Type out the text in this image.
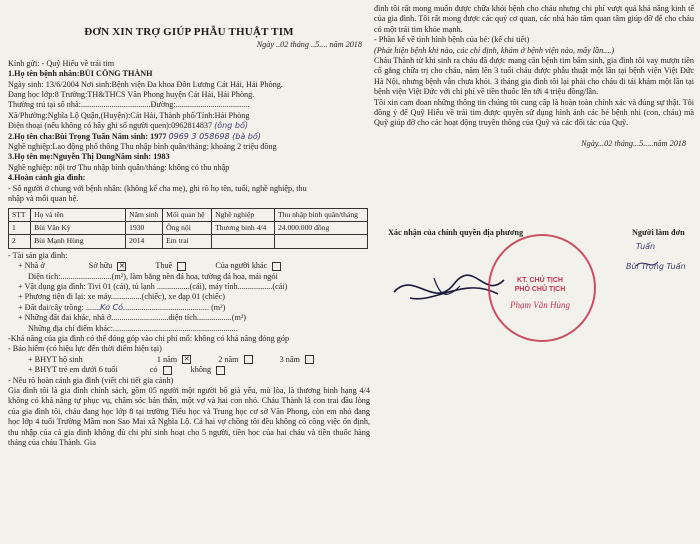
ĐƠN XIN TRỢ GIÚP PHẪU THUẬT TIM
Ngày ..02 tháng ..5.... năm 2018
Kính gửi: - Quỹ Hiểu về trái tim
1.Họ tên bệnh nhân:BÙI CÔNG THÀNH
Ngày sinh: 13/6/2004 Nơi sinh:Bệnh viện Đa khoa Đôn Lương Cát Hải, Hải Phòng.
Đang học lớp:8 Trường:TH&THCS Văn Phong huyện Cát Hải, Hải Phòng.
Thường trú tại số nhà:..................................Đường:....................................
Xã/Phường:Nghĩa Lộ Quận,(Huyện):Cát Hải, Thành phố/Tỉnh:Hải Phòng
Điện thoại (nếu không có hãy ghi số người quen):0962814837 (ông bố)
2.Họ tên cha:Bùi Trọng Tuấn Năm sinh: 1977 0969 3 058698 (bà bố)
Nghề nghiệp:Lao động phổ thông Thu nhập bình quân/tháng: khoảng 2 triệu đồng
3.Họ tên mẹ:Nguyễn Thị DungNăm sinh: 1983
Nghề nghiệp: nội trợ Thu nhập bình quân/tháng: không có thu nhập
4.Hoàn cảnh gia đình:
- Số người ở chung với bệnh nhân: (không kể cha mẹ), ghi rõ họ tên, tuổi, nghề nghiệp, thu
nhập và mối quan hệ.
STT	Họ và tên	Năm sinh	Mối quan hệ	Nghề nghiệp	Thu nhập bình quân/tháng
1	Bùi Văn Kỳ	1930	Ông nội	Thương binh 4/4	24.000.000 đồng
2	Bùi Mạnh Hùng	2014	Em trai		
- Tài sản gia đình:
+ Nhà ở	Sở hữu ✕	Thuê	Của người khác
Diện tích:.........................(m²), làm bằng nền đá hoa, tường đá hoa, mái ngói
+ Vật dụng gia đình: Tivi 01 (cái), tủ lạnh ................(cái), máy tính.................(cái)
+ Phương tiện đi lại: xe máy...............(chiếc), xe đạp 01 (chiếc)
+ Đất đai/cây trồng: .......Ko Có.......................................... (m²)
+ Những đất đai khác, nhà ở............................diện tích.................(m²)
Những địa chỉ điểm khác:.............................................................
-Khả năng của gia đình có thể đóng góp vào chi phí mổ: không có khả năng đóng góp
- Bảo hiểm (có hiệu lực đến thời điểm hiện tại)
+ BHYT hộ sinh	1 năm ✕	2 năm	3 năm
+ BHYT trẻ em dưới 6 tuổi	có	không
- Nêu rõ hoàn cảnh gia đình (viết chi tiết gia cảnh)
Gia đình tôi là gia đình chính sách, gồm 05 người một người bố già yếu, mù lòa, là thương binh hạng 4/4 không có khả năng tự phục vụ, chăm sóc bản thân, một vợ và hai con nhỏ. Cháu Thành là con trai đầu lòng của gia đình tôi, cháu đang học lớp 8 tại trường Tiểu học và Trung học cơ sở Văn Phong, còn em nhỏ đang học lớp 4 tuổi Trường Mầm non Sao Mai xã Nghĩa Lộ. Cả hai vợ chồng tôi đều không có công việc ổn định, thu nhập của cả gia đình không đủ chi phí sinh hoạt cho 5 người, tiền học của hai cháu và tiền thuốc hàng tháng của cháu Thành. Gia
đình tôi rất mong muốn được chữa khỏi bệnh cho cháu nhưng chi phí vượt quá khả năng kinh tế của gia đình. Tôi rất mong được các quý cơ quan, các nhà hảo tâm quan tâm giúp đỡ để cho cháu có một trái tim khỏe mạnh.
- Phần kể về tình hình bệnh của bé: (kể chi tiết)
(Phát hiện bệnh khi nào, các chỉ định, khám ở bệnh viện nào, mấy lần....)
Cháu Thành từ khi sinh ra cháu đã được mang căn bệnh tim bẩm sinh, gia đình tôi vay mượn tiền cố gắng chữa trị cho cháu, năm lên 3 tuổi cháu được phẫu thuật một lần tại bệnh viện Việt Đức Hà Nội, nhưng bệnh vẫn chưa khỏi. 3 tháng gia đình tôi lại phải cho cháu đi tái khám một lần tại bệnh viện Việt Đức với chi phí về tiền thuốc lên tới 4 triệu đồng/lần.
Tôi xin cam đoan những thông tin chúng tôi cung cấp là hoàn toàn chính xác và đúng sự thật. Tôi đồng ý để Quỹ Hiểu về trái tim được quyền sử dụng hình ảnh các bé bệnh nhi (con, cháu) mà Quỹ giúp đỡ cho các hoạt động truyền thông của Quỹ và các đối tác của Quỹ.
Ngày...02 tháng...5.....năm 2018
Xác nhận của chính quyền địa phương	Người làm đơn
KT. CHỦ TỊCH
PHÓ CHỦ TỊCH
Phạm Văn Hùng
Tuấn
Bùi Trọng Tuấn
